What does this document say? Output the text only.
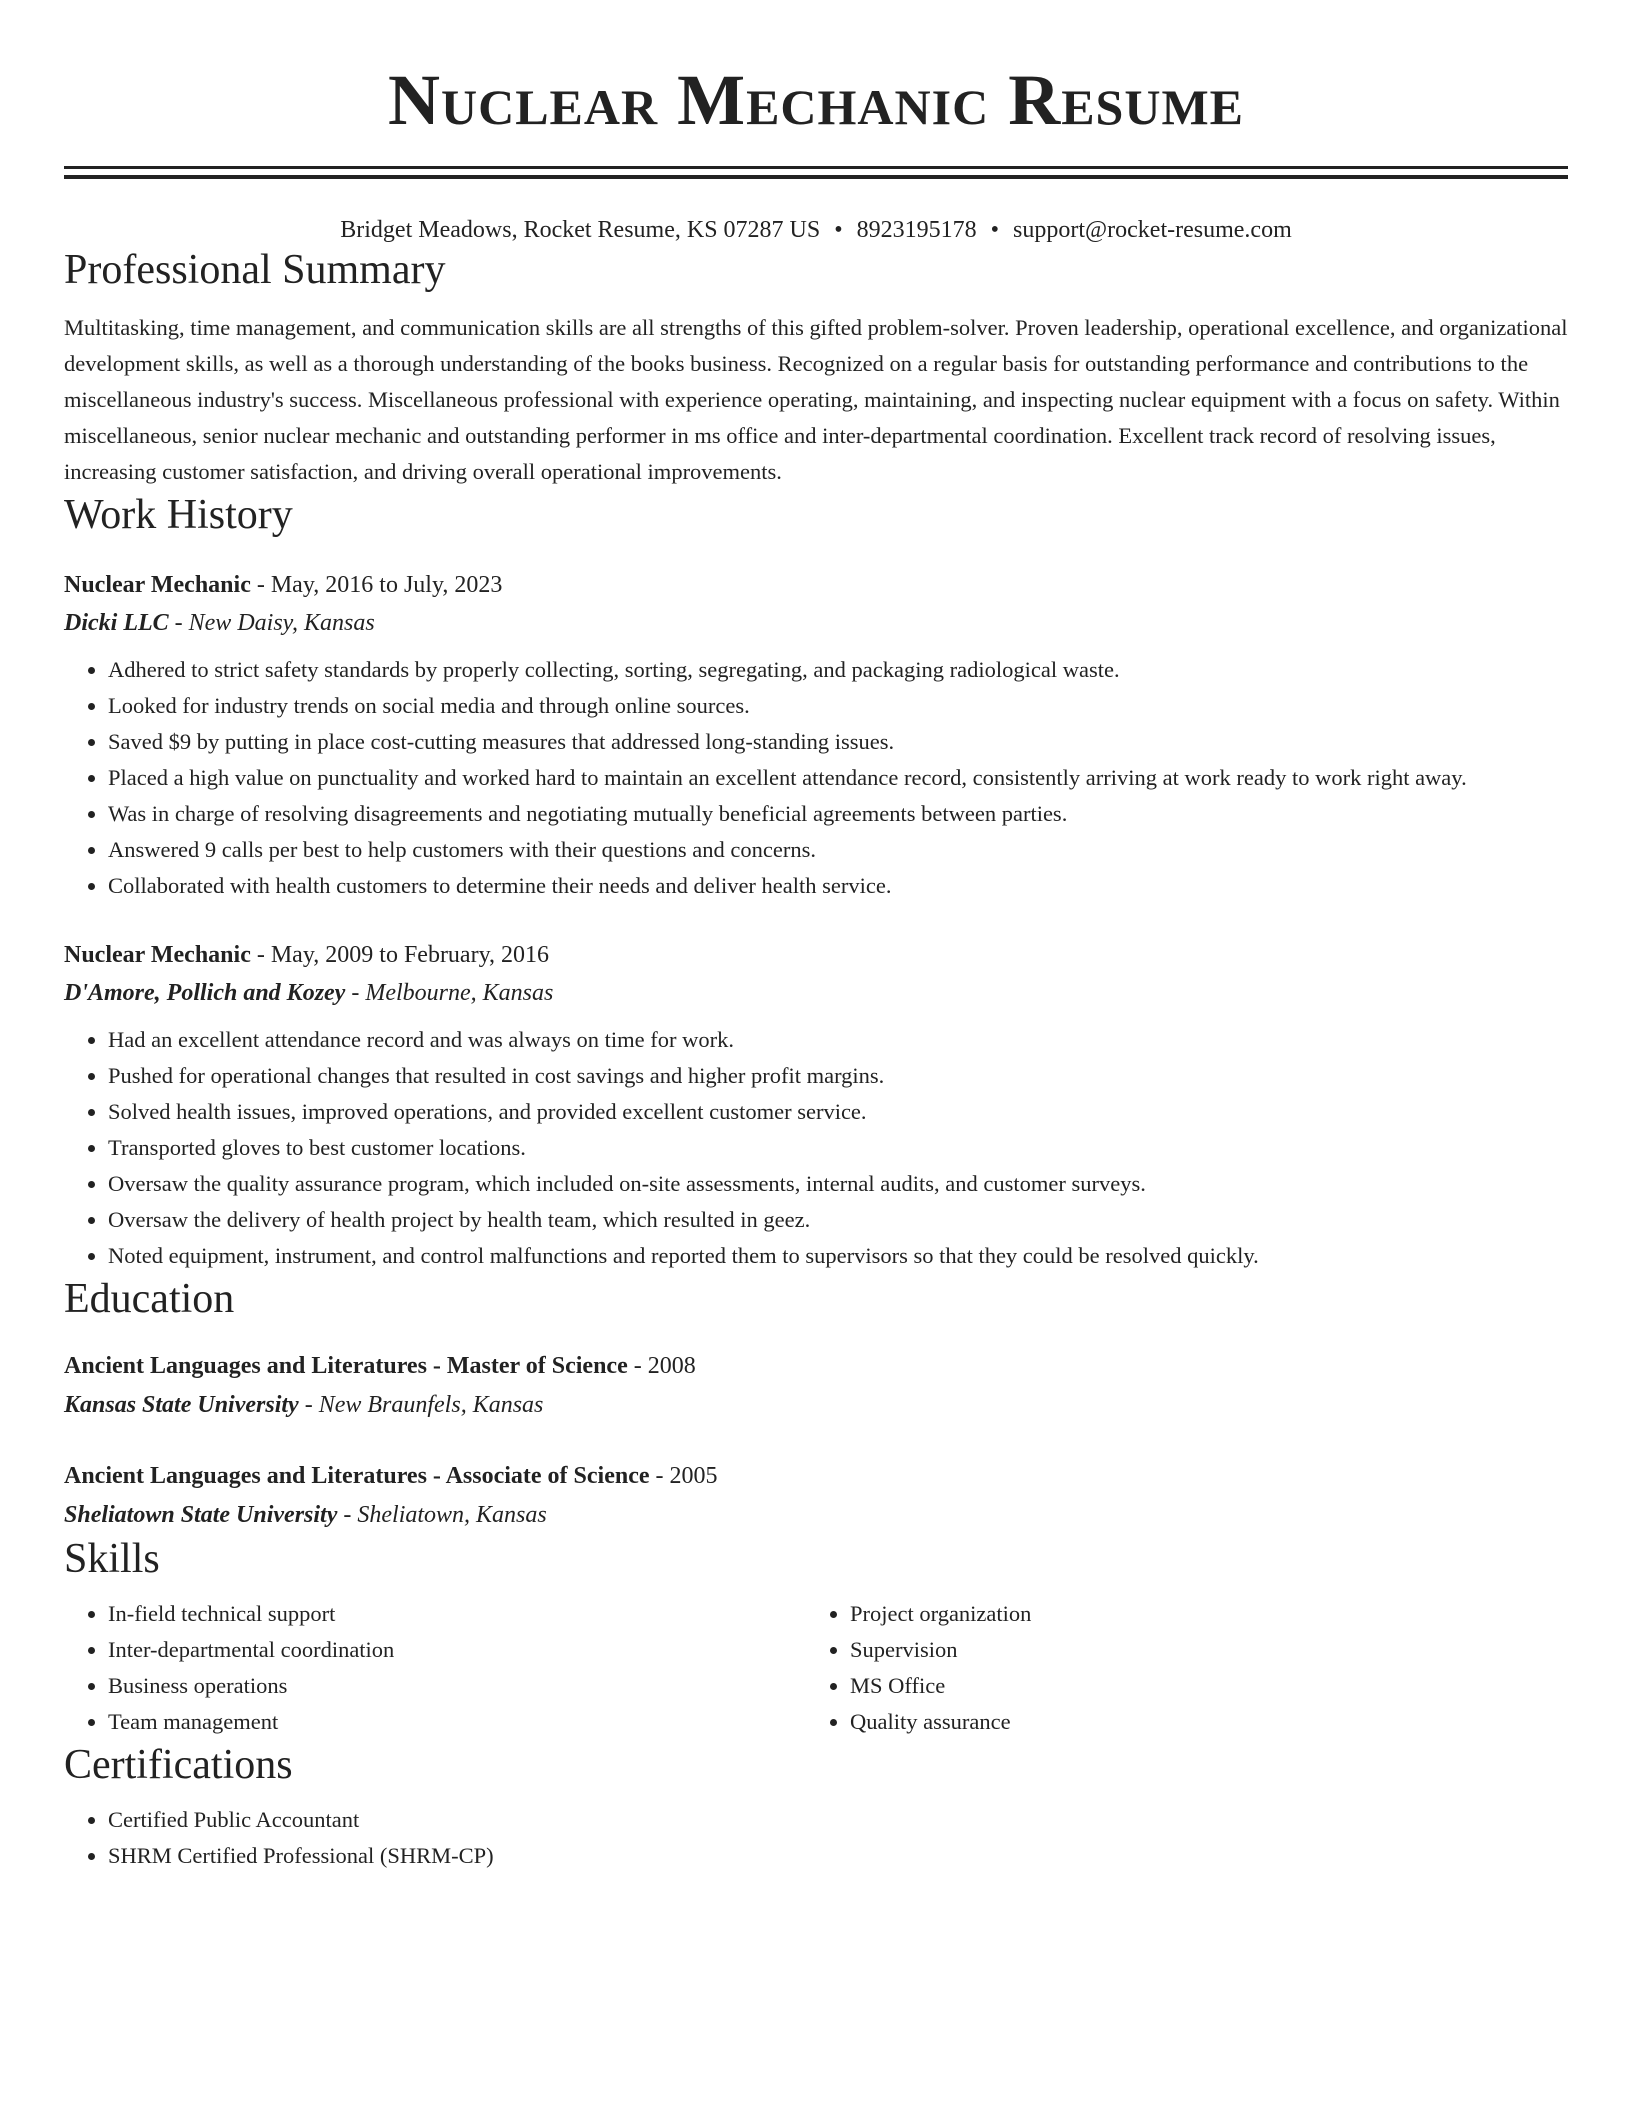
Nuclear Mechanic Resume
Bridget Meadows, Rocket Resume, KS 07287 US • 8923195178 • support@rocket-resume.com
Professional Summary
Multitasking, time management, and communication skills are all strengths of this gifted problem-solver. Proven leadership, operational excellence, and organizational development skills, as well as a thorough understanding of the books business. Recognized on a regular basis for outstanding performance and contributions to the miscellaneous industry's success. Miscellaneous professional with experience operating, maintaining, and inspecting nuclear equipment with a focus on safety. Within miscellaneous, senior nuclear mechanic and outstanding performer in ms office and inter-departmental coordination. Excellent track record of resolving issues, increasing customer satisfaction, and driving overall operational improvements.
Work History
Nuclear Mechanic - May, 2016 to July, 2023
Dicki LLC - New Daisy, Kansas
• Adhered to strict safety standards by properly collecting, sorting, segregating, and packaging radiological waste.
• Looked for industry trends on social media and through online sources.
• Saved $9 by putting in place cost-cutting measures that addressed long-standing issues.
• Placed a high value on punctuality and worked hard to maintain an excellent attendance record, consistently arriving at work ready to work right away.
• Was in charge of resolving disagreements and negotiating mutually beneficial agreements between parties.
• Answered 9 calls per best to help customers with their questions and concerns.
• Collaborated with health customers to determine their needs and deliver health service.
Nuclear Mechanic - May, 2009 to February, 2016
D'Amore, Pollich and Kozey - Melbourne, Kansas
• Had an excellent attendance record and was always on time for work.
• Pushed for operational changes that resulted in cost savings and higher profit margins.
• Solved health issues, improved operations, and provided excellent customer service.
• Transported gloves to best customer locations.
• Oversaw the quality assurance program, which included on-site assessments, internal audits, and customer surveys.
• Oversaw the delivery of health project by health team, which resulted in geez.
• Noted equipment, instrument, and control malfunctions and reported them to supervisors so that they could be resolved quickly.
Education
Ancient Languages and Literatures - Master of Science - 2008
Kansas State University - New Braunfels, Kansas
Ancient Languages and Literatures - Associate of Science - 2005
Sheliatown State University - Sheliatown, Kansas
Skills
• In-field technical support
• Inter-departmental coordination
• Business operations
• Team management
• Project organization
• Supervision
• MS Office
• Quality assurance
Certifications
• Certified Public Accountant
• SHRM Certified Professional (SHRM-CP)
